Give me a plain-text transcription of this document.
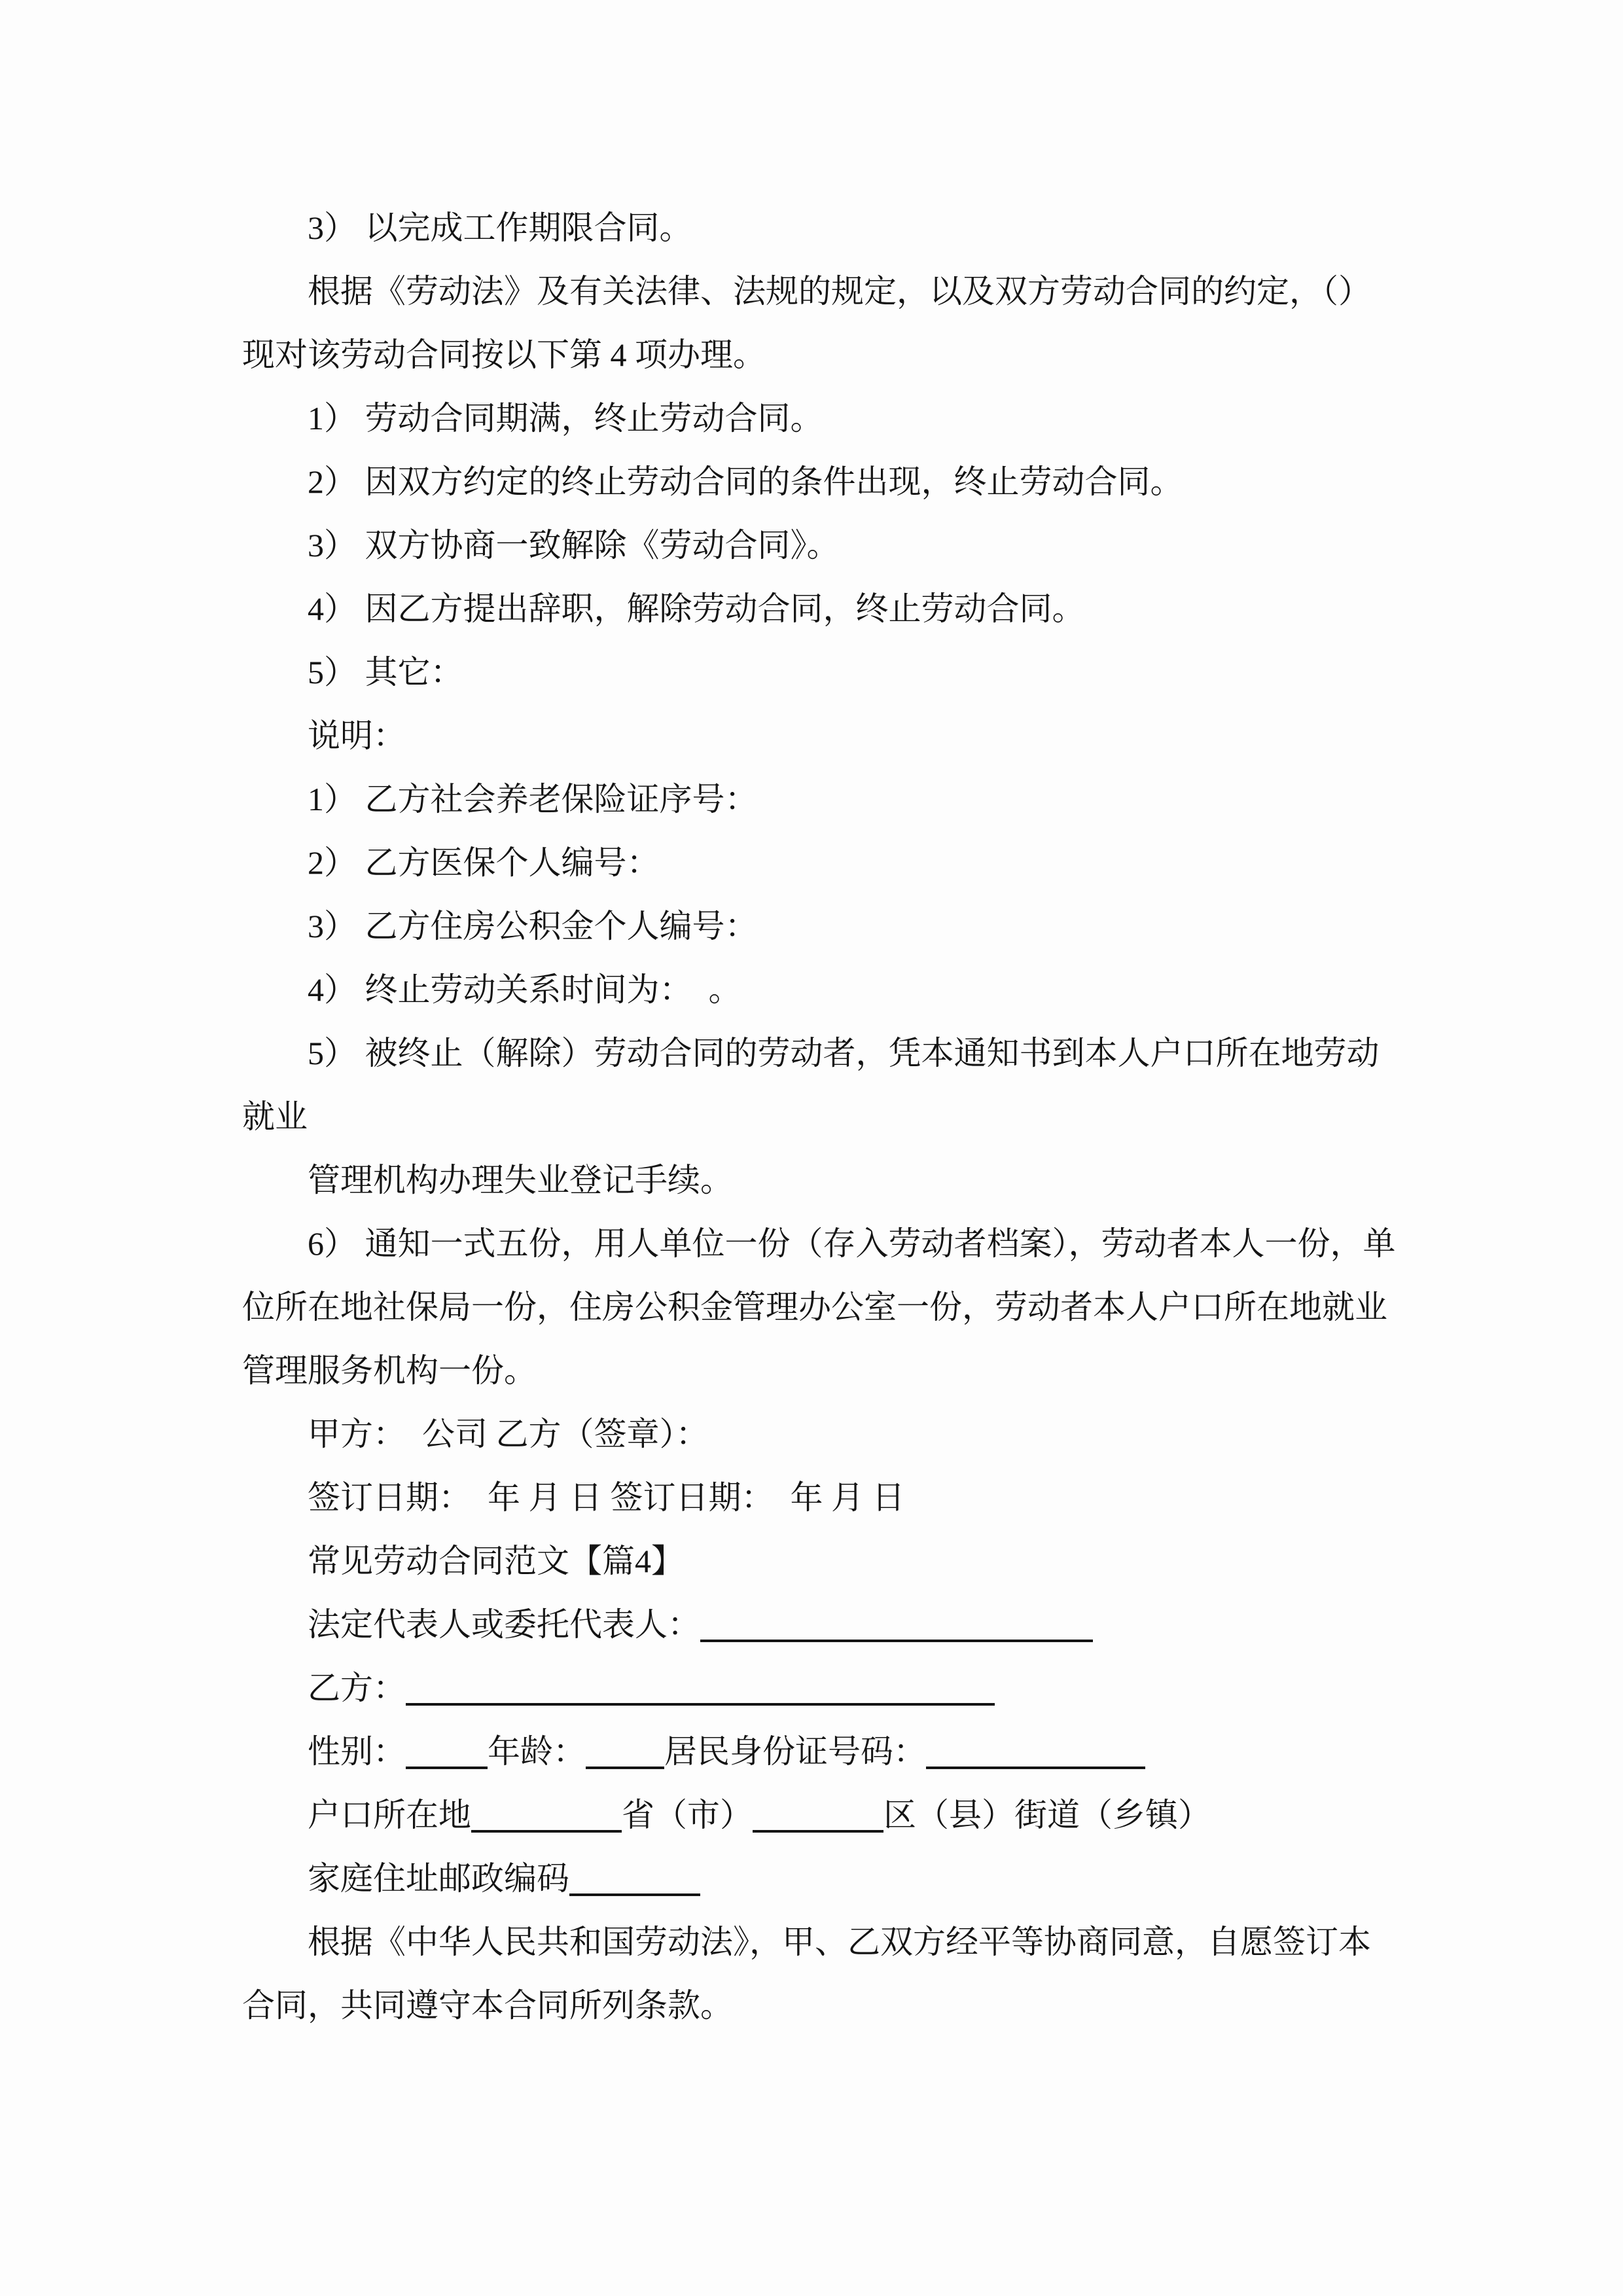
3） 以完成工作期限合同。
根据《劳动法》及有关法律、法规的规定，以及双方劳动合同的约定，（）
现对该劳动合同按以下第 4 项办理。
1） 劳动合同期满，终止劳动合同。
2） 因双方约定的终止劳动合同的条件出现，终止劳动合同。
3） 双方协商一致解除《劳动合同》。
4） 因乙方提出辞职，解除劳动合同，终止劳动合同。
5） 其它：
说明：
1） 乙方社会养老保险证序号：
2） 乙方医保个人编号：
3） 乙方住房公积金个人编号：
4） 终止劳动关系时间为：　。
5） 被终止（解除）劳动合同的劳动者，凭本通知书到本人户口所在地劳动
就业
管理机构办理失业登记手续。
6） 通知一式五份，用人单位一份（存入劳动者档案），劳动者本人一份，单
位所在地社保局一份，住房公积金管理办公室一份，劳动者本人户口所在地就业
管理服务机构一份。
甲方：　公司 乙方（签章）：
签订日期：　年 月 日 签订日期：　年 月 日
常见劳动合同范文【篇4】
法定代表人或委托代表人：
乙方：
性别：	年龄： 居民身份证号码：
户口所在地	省（市）	区（县）街道（乡镇）
家庭住址邮政编码
根据《中华人民共和国劳动法》，甲、乙双方经平等协商同意，自愿签订本
合同，共同遵守本合同所列条款。
